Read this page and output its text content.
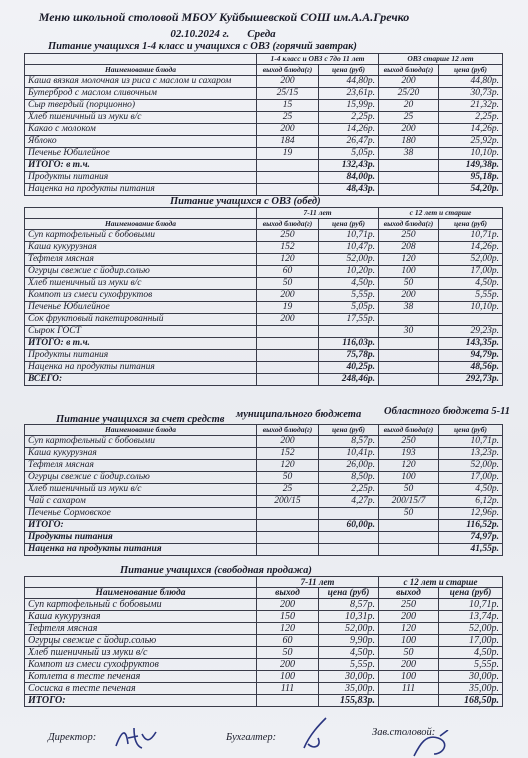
Меню школьной столовой МБОУ Куйбышевской СОШ им.А.А.Гречко
02.10.2024 г. Среда
Питание учащихся 1-4 класс и учащихся с ОВЗ (горячий завтрак)
	1-4 класс и ОВЗ с 7до 11 лет		ОВЗ старше 12 лет	
Наименование блюда	выход блюда(г)	цена (руб)	выход блюда(г)	цена (руб)
Каша вязкая молочная из риса с маслом и сахаром	200	44,80р.	200	44,80р.
Бутерброд с маслом сливочным	25/15	23,61р.	25/20	30,73р.
Сыр твердый (порционно)	15	15,99р.	20	21,32р.
Хлеб пшеничный из муки в/с	25	2,25р.	25	2,25р.
Какао с молоком	200	14,26р.	200	14,26р.
Яблоко	184	26,47р.	180	25,92р.
Печенье Юбилейное	19	5,05р.	38	10,10р.
ИТОГО: в т.ч.		132,43р.		149,38р.
Продукты питания		84,00р.		95,18р.
Наценка на продукты питания		48,43р.		54,20р.
Питание учащихся с ОВЗ (обед)
	7-11 лет		с 12 лет и старше	
Наименование блюда	выход блюда(г)	цена (руб)	выход блюда(г)	цена (руб)
Суп картофельный с бобовыми	250	10,71р.	250	10,71р.
Каша кукурузная	152	10,47р.	208	14,26р.
Тефтеля мясная	120	52,00р.	120	52,00р.
Огурцы свежие с йодир.солью	60	10,20р.	100	17,00р.
Хлеб пшеничный из муки в/с	50	4,50р.	50	4,50р.
Компот из смеси сухофруктов	200	5,55р.	200	5,55р.
Печенье Юбилейное	19	5,05р.	38	10,10р.
Сок фруктовый пакетированный	200	17,55р.		
Сырок ГОСТ			30	29,23р.
ИТОГО: в т.ч.		116,03р.		143,35р.
Продукты питания		75,78р.		94,79р.
Наценка на продукты питания		40,25р.		48,56р.
ВСЕГО:		248,46р.		292,73р.
Питание учащихся за счет средств муниципального бюджета Областного бюджета 5-11
Наименование блюда	выход блюда(г)	цена (руб)	выход блюда(г)	цена (руб)
Суп картофельный с бобовыми	200	8,57р.	250	10,71р.
Каша кукурузная	152	10,41р.	193	13,23р.
Тефтеля мясная	120	26,00р.	120	52,00р.
Огурцы свежие с йодир.солью	50	8,50р.	100	17,00р.
Хлеб пшеничный из муки в/с	25	2,25р.	50	4,50р.
Чай с сахаром	200/15	4,27р.	200/15/7	6,12р.
Печенье Сормовское			50	12,96р.
ИТОГО:		60,00р.		116,52р.
Продукты питания				74,97р.
Наценка на продукты питания				41,55р.
Питание учащихся (свободная продажа)
	7-11 лет		с 12 лет и старше	
Наименование блюда	выход	цена (руб)	выход	цена (руб)
Суп картофельный с бобовыми	200	8,57р.	250	10,71р.
Каша кукурузная	150	10,31р.	200	13,74р.
Тефтеля мясная	120	52,00р.	120	52,00р.
Огурцы свежие с йодир.солью	60	9,90р.	100	17,00р.
Хлеб пшеничный из муки в/с	50	4,50р.	50	4,50р.
Компот из смеси сухофруктов	200	5,55р.	200	5,55р.
Котлета в тесте печеная	100	30,00р.	100	30,00р.
Сосиска в тесте печеная	111	35,00р.	111	35,00р.
ИТОГО:		155,83р.		168,50р.
Директор:	Бухгалтер:	Зав.столовой:
